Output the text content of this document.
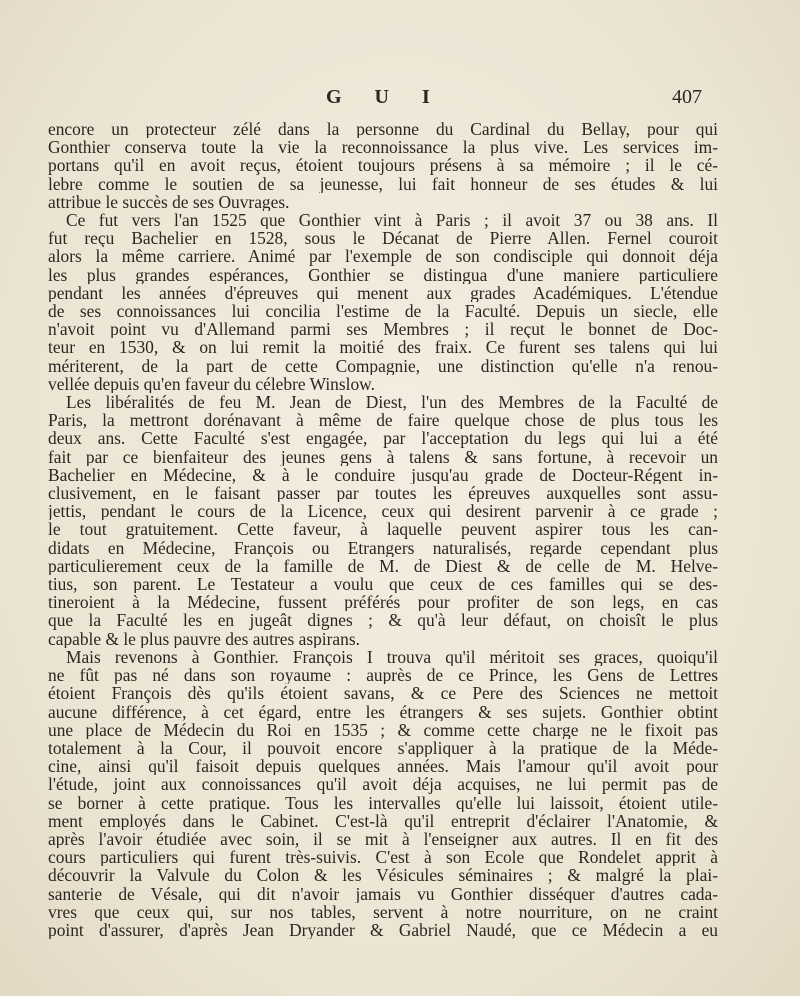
G U I	407
encore un protecteur zélé dans la personne du Cardinal du Bellay, pour qui
Gonthier conserva toute la vie la reconnoissance la plus vive. Les services im-
portans qu'il en avoit reçus, étoient toujours présens à sa mémoire ; il le cé-
lebre comme le soutien de sa jeunesse, lui fait honneur de ses études & lui
attribue le succès de ses Ouvrages.
Ce fut vers l'an 1525 que Gonthier vint à Paris ; il avoit 37 ou 38 ans. Il
fut reçu Bachelier en 1528, sous le Décanat de Pierre Allen. Fernel couroit
alors la même carriere. Animé par l'exemple de son condisciple qui donnoit déja
les plus grandes espérances, Gonthier se distingua d'une maniere particuliere
pendant les années d'épreuves qui menent aux grades Académiques. L'étendue
de ses connoissances lui concilia l'estime de la Faculté. Depuis un siecle, elle
n'avoit point vu d'Allemand parmi ses Membres ; il reçut le bonnet de Doc-
teur en 1530, & on lui remit la moitié des fraix. Ce furent ses talens qui lui
mériterent, de la part de cette Compagnie, une distinction qu'elle n'a renou-
vellée depuis qu'en faveur du célebre Winslow.
Les libéralités de feu M. Jean de Diest, l'un des Membres de la Faculté de
Paris, la mettront dorénavant à même de faire quelque chose de plus tous les
deux ans. Cette Faculté s'est engagée, par l'acceptation du legs qui lui a été
fait par ce bienfaiteur des jeunes gens à talens & sans fortune, à recevoir un
Bachelier en Médecine, & à le conduire jusqu'au grade de Docteur-Régent in-
clusivement, en le faisant passer par toutes les épreuves auxquelles sont assu-
jettis, pendant le cours de la Licence, ceux qui desirent parvenir à ce grade ;
le tout gratuitement. Cette faveur, à laquelle peuvent aspirer tous les can-
didats en Médecine, François ou Etrangers naturalisés, regarde cependant plus
particulierement ceux de la famille de M. de Diest & de celle de M. Helve-
tius, son parent. Le Testateur a voulu que ceux de ces familles qui se des-
tineroient à la Médecine, fussent préférés pour profiter de son legs, en cas
que la Faculté les en jugeât dignes ; & qu'à leur défaut, on choisît le plus
capable & le plus pauvre des autres aspirans.
Mais revenons à Gonthier. François I trouva qu'il méritoit ses graces, quoiqu'il
ne fût pas né dans son royaume : auprès de ce Prince, les Gens de Lettres
étoient François dès qu'ils étoient savans, & ce Pere des Sciences ne mettoit
aucune différence, à cet égard, entre les étrangers & ses sujets. Gonthier obtint
une place de Médecin du Roi en 1535 ; & comme cette charge ne le fixoit pas
totalement à la Cour, il pouvoit encore s'appliquer à la pratique de la Méde-
cine, ainsi qu'il faisoit depuis quelques années. Mais l'amour qu'il avoit pour
l'étude, joint aux connoissances qu'il avoit déja acquises, ne lui permit pas de
se borner à cette pratique. Tous les intervalles qu'elle lui laissoit, étoient utile-
ment employés dans le Cabinet. C'est-là qu'il entreprit d'éclairer l'Anatomie, &
après l'avoir étudiée avec soin, il se mit à l'enseigner aux autres. Il en fit des
cours particuliers qui furent très-suivis. C'est à son Ecole que Rondelet apprit à
découvrir la Valvule du Colon & les Vésicules séminaires ; & malgré la plai-
santerie de Vésale, qui dit n'avoir jamais vu Gonthier disséquer d'autres cada-
vres que ceux qui, sur nos tables, servent à notre nourriture, on ne craint
point d'assurer, d'après Jean Dryander & Gabriel Naudé, que ce Médecin a eu
